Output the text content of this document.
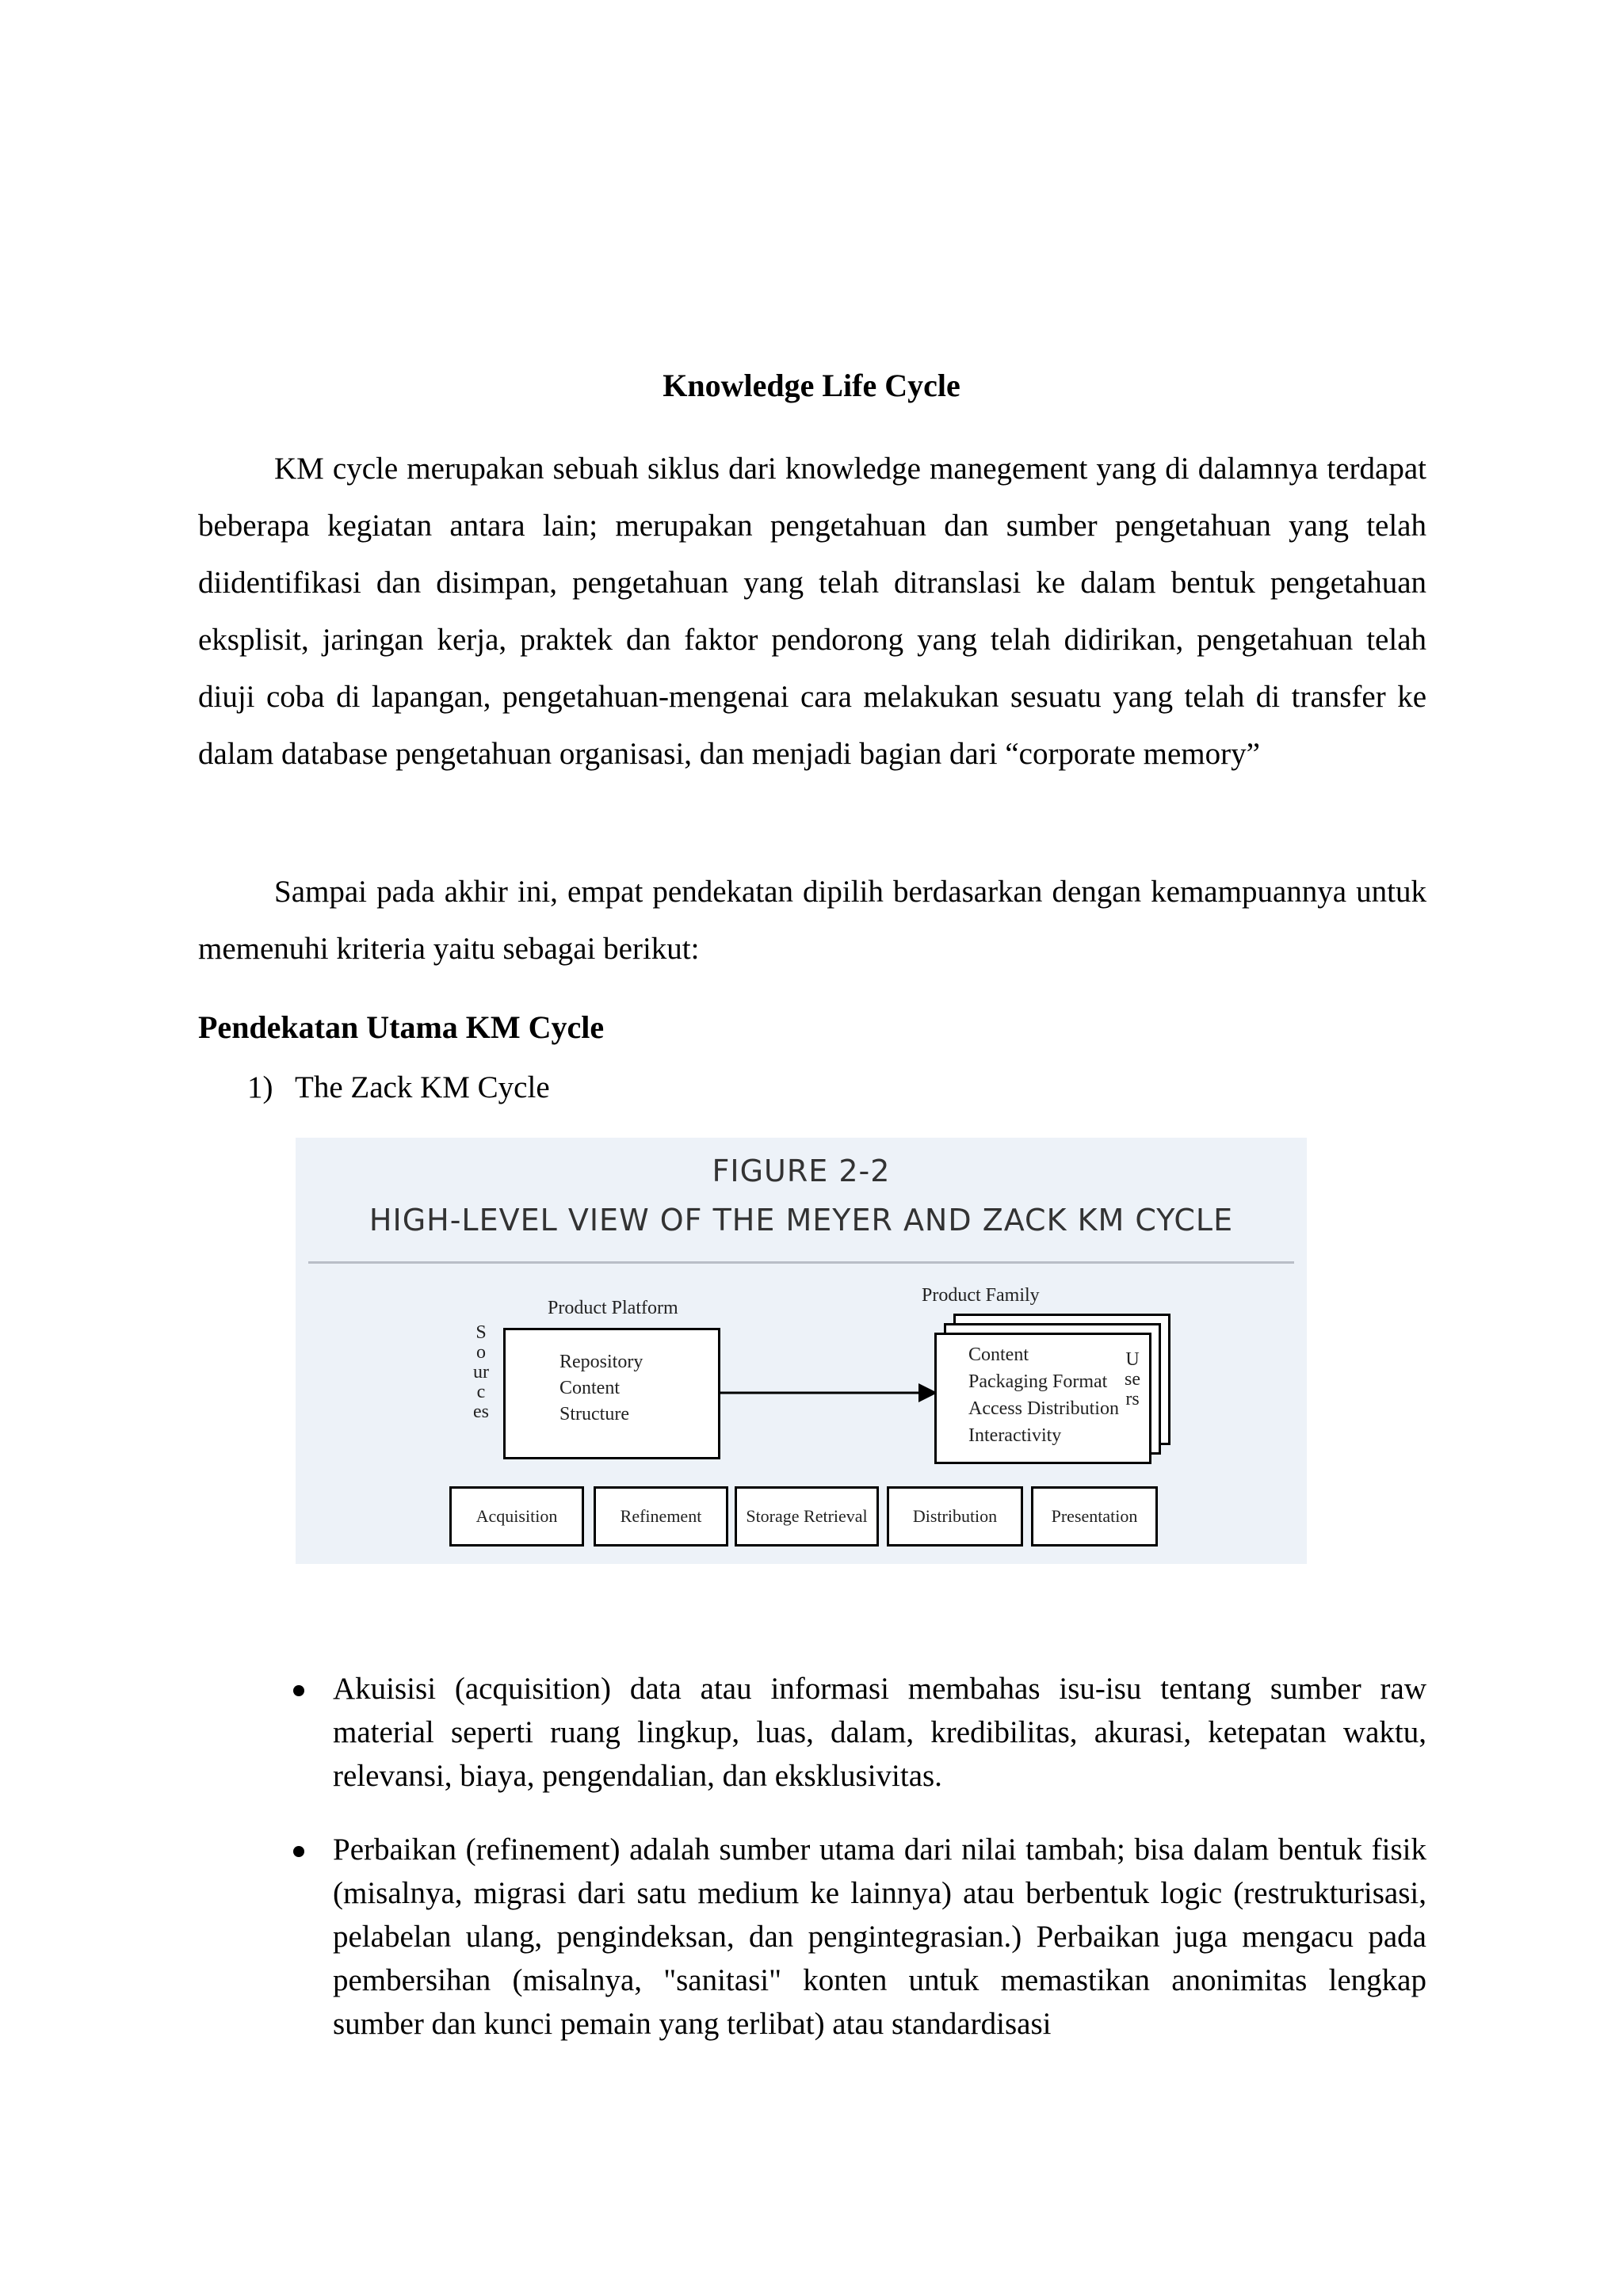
Knowledge Life Cycle

KM cycle merupakan sebuah siklus dari knowledge manegement yang di dalamnya terdapat beberapa kegiatan antara lain; merupakan pengetahuan dan sumber pengetahuan yang telah diidentifikasi dan disimpan, pengetahuan yang telah ditranslasi ke dalam bentuk pengetahuan eksplisit, jaringan kerja, praktek dan faktor pendorong yang telah didirikan, pengetahuan telah diuji coba di lapangan, pengetahuan-mengenai cara melakukan sesuatu yang telah di transfer ke dalam database pengetahuan organisasi, dan menjadi bagian dari “corporate memory”

Sampai pada akhir ini, empat pendekatan dipilih berdasarkan dengan kemampuannya untuk memenuhi kriteria yaitu sebagai berikut:

Pendekatan Utama KM Cycle
1) The Zack KM Cycle
FIGURE 2-2
HIGH-LEVEL VIEW OF THE MEYER AND ZACK KM CYCLE
Sources
Product Platform
Repository
Content
Structure
Product Family
Content
Packaging Format
Access Distribution
Interactivity
Users
Acquisition	Refinement	Storage Retrieval	Distribution	Presentation
Akuisisi (acquisition) data atau informasi membahas isu-isu tentang sumber raw material seperti ruang lingkup, luas, dalam, kredibilitas, akurasi, ketepatan waktu, relevansi, biaya, pengendalian, dan eksklusivitas.
Perbaikan (refinement) adalah sumber utama dari nilai tambah; bisa dalam bentuk fisik (misalnya, migrasi dari satu medium ke lainnya) atau berbentuk logic (restrukturisasi, pelabelan ulang, pengindeksan, dan pengintegrasian.) Perbaikan juga mengacu pada pembersihan (misalnya, "sanitasi" konten untuk memastikan anonimitas lengkap sumber dan kunci pemain yang terlibat) atau standardisasi
